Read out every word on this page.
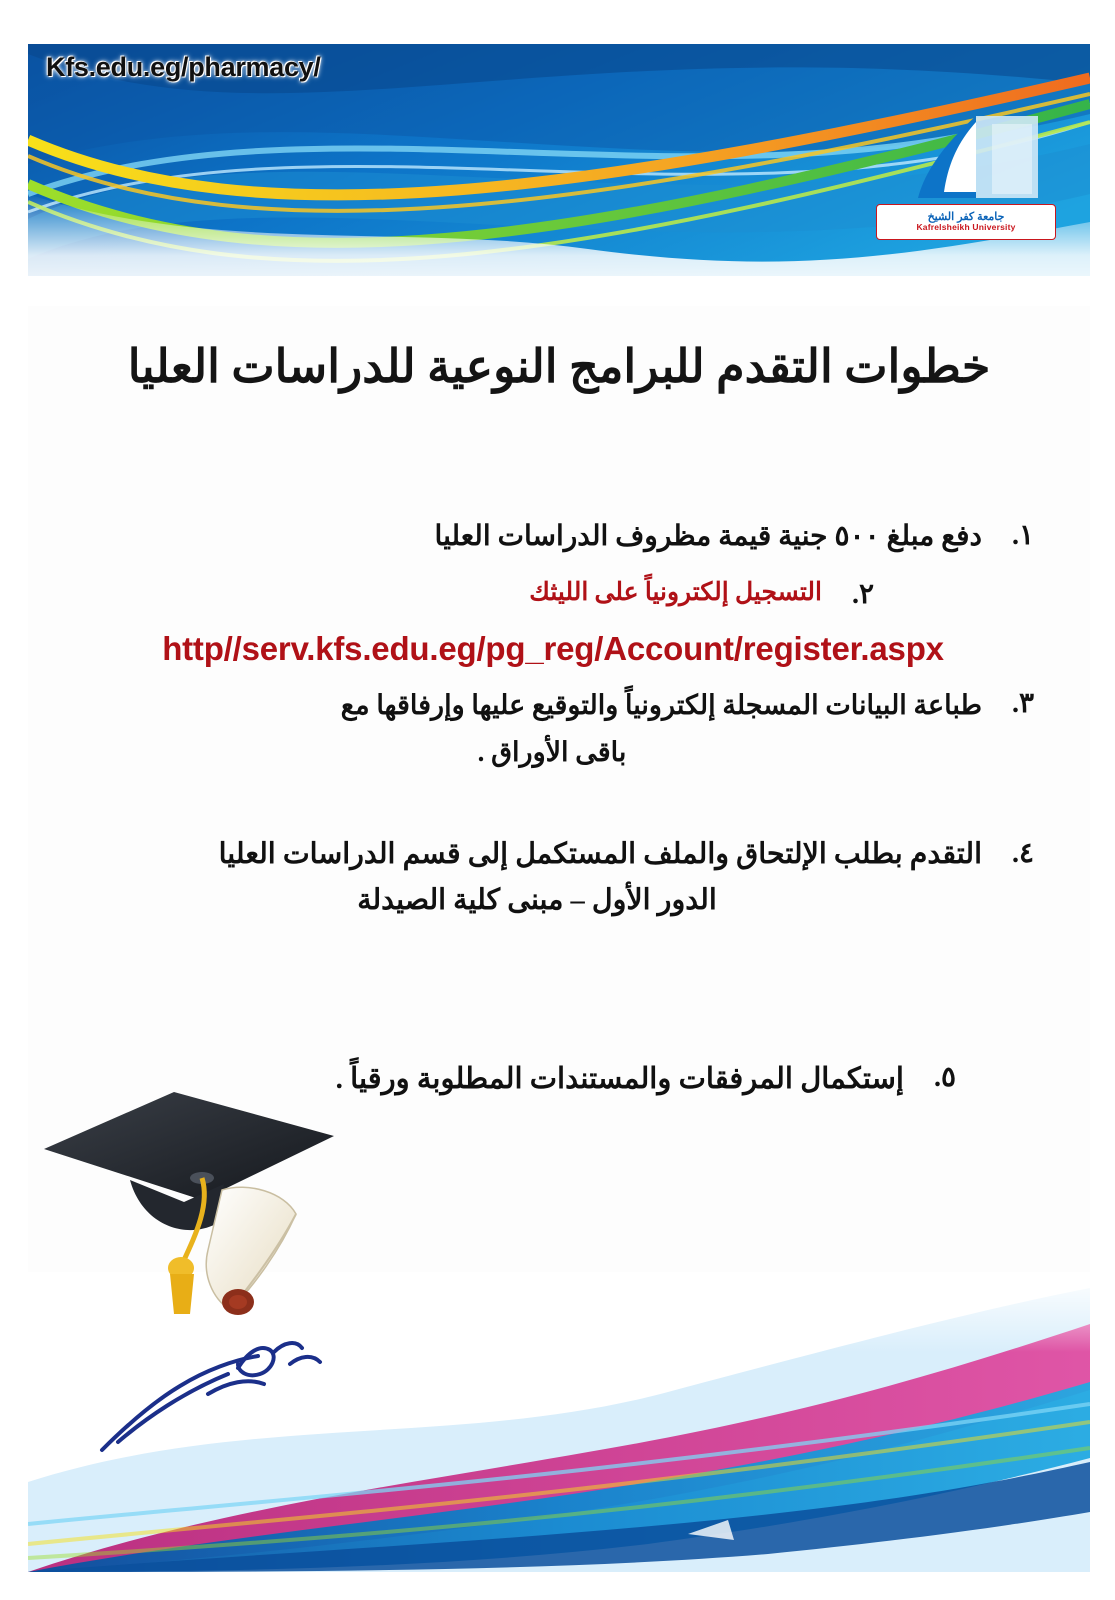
Kfs.edu.eg/pharmacy/
جامعة كفر الشيخ
Kafrelsheikh University
خطوات التقدم للبرامج النوعية للدراسات العليا
١.
دفع مبلغ ٥٠٠ جنية قيمة مظروف الدراسات العليا
٢.
التسجيل إلكترونياً على الليثك
http//serv.kfs.edu.eg/pg_reg/Account/register.aspx
٣.
طباعة البيانات المسجلة إلكترونياً والتوقيع عليها وإرفاقها مع
باقى الأوراق .
٤.
التقدم بطلب الإلتحاق والملف المستكمل إلى قسم الدراسات العليا
الدور الأول – مبنى كلية الصيدلة
٥.
إستكمال المرفقات والمستندات المطلوبة ورقياً .
